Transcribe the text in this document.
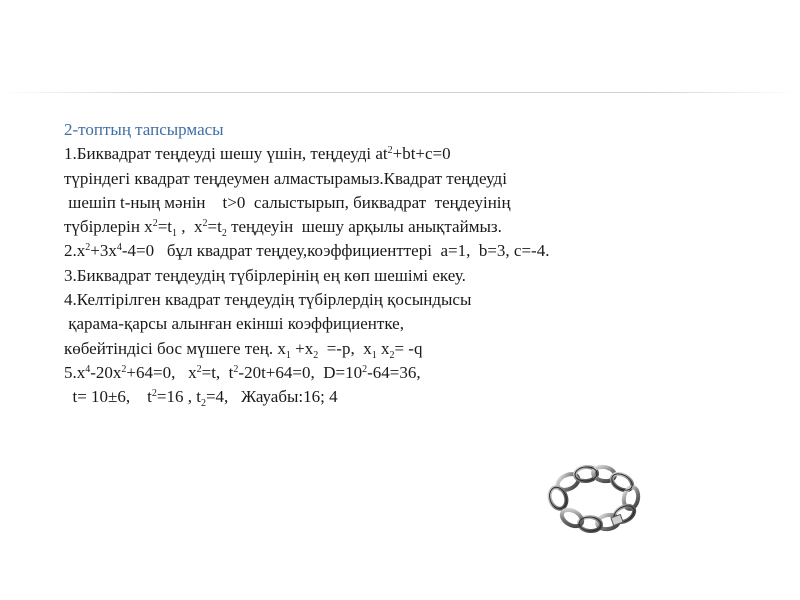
2-топтың тапсырмасы
1.Биквадрат теңдеуді шешу үшін, теңдеуді $at^2+bt+c=0$
түріндегі квадрат теңдеумен алмастырамыз.Квадрат теңдеуді
шешіп t-ның мәнін    t>0  салыстырып, биквадрат  теңдеуінің
түбірлерін $x^2=t_1$ ,  $x^2=t_2$ теңдеуін  шешу арқылы анықтаймыз.
$2.x^2+3x^4-4=0$   бұл квадрат теңдеу,коэффициенттері  a=1,  b=3, c=-4.
3.Биквадрат теңдеудің түбірлерінің ең көп шешімі екеу.
4.Келтірілген квадрат теңдеудің түбірлердің қосындысы
қарама-қарсы алынған екінші коэффициентке,
көбейтіндісі бос мүшеге тең. $x_1 +x_2 =-p$,  $x_1$ $x_2= -q$
$5.x^4-20x^2+64=0$,   $x^2=t$,  $t^2-20t+64=0$,  $D=10^2-64=36$,
t= 10±6,    $t^2=16$ , $t_2=4$,   Жауабы:16; 4
